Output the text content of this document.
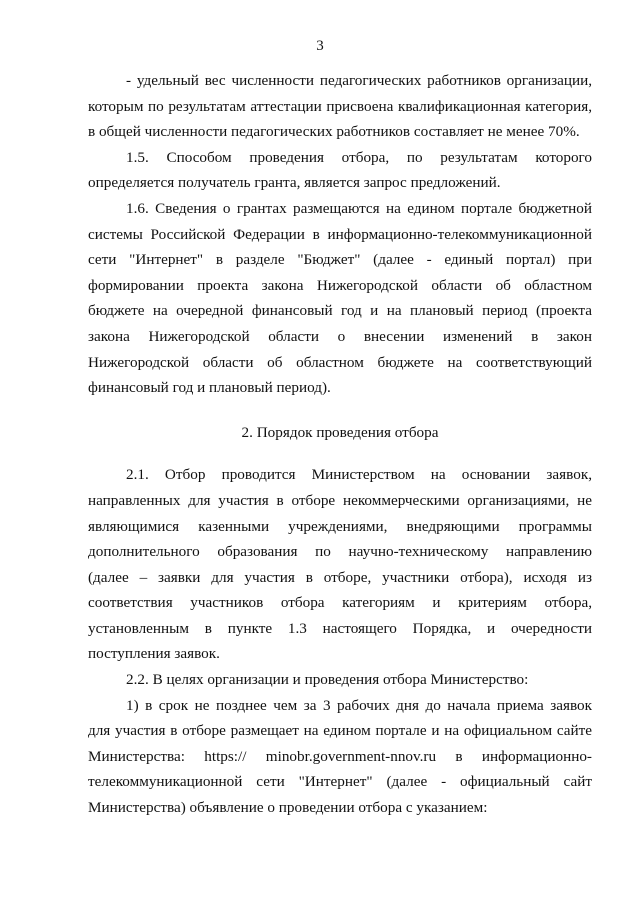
3
- удельный вес численности педагогических работников организации,
которым по результатам аттестации присвоена квалификационная категория,
в общей численности педагогических работников составляет не менее 70%.
1.5. Способом проведения отбора, по результатам которого
определяется получатель гранта, является запрос предложений.
1.6. Сведения о грантах размещаются на едином портале бюджетной
системы Российской Федерации в информационно-телекоммуникационной
сети "Интернет" в разделе "Бюджет" (далее - единый портал) при
формировании проекта закона Нижегородской области об областном
бюджете на очередной финансовый год и на плановый период (проекта
закона Нижегородской области о внесении изменений в закон
Нижегородской области об областном бюджете на соответствующий
финансовый год и плановый период).
2. Порядок проведения отбора
2.1. Отбор проводится Министерством на основании заявок,
направленных для участия в отборе некоммерческими организациями, не
являющимися казенными учреждениями, внедряющими программы
дополнительного образования по научно-техническому направлению
(далее – заявки для участия в отборе, участники отбора), исходя из
соответствия участников отбора категориям и критериям отбора,
установленным в пункте 1.3 настоящего Порядка, и очередности
поступления заявок.
2.2. В целях организации и проведения отбора Министерство:
1) в срок не позднее чем за 3 рабочих дня до начала приема заявок
для участия в отборе размещает на едином портале и на официальном сайте
Министерства: https:// minobr.government-nnov.ru в информационно-
телекоммуникационной сети "Интернет" (далее - официальный сайт
Министерства) объявление о проведении отбора с указанием:
